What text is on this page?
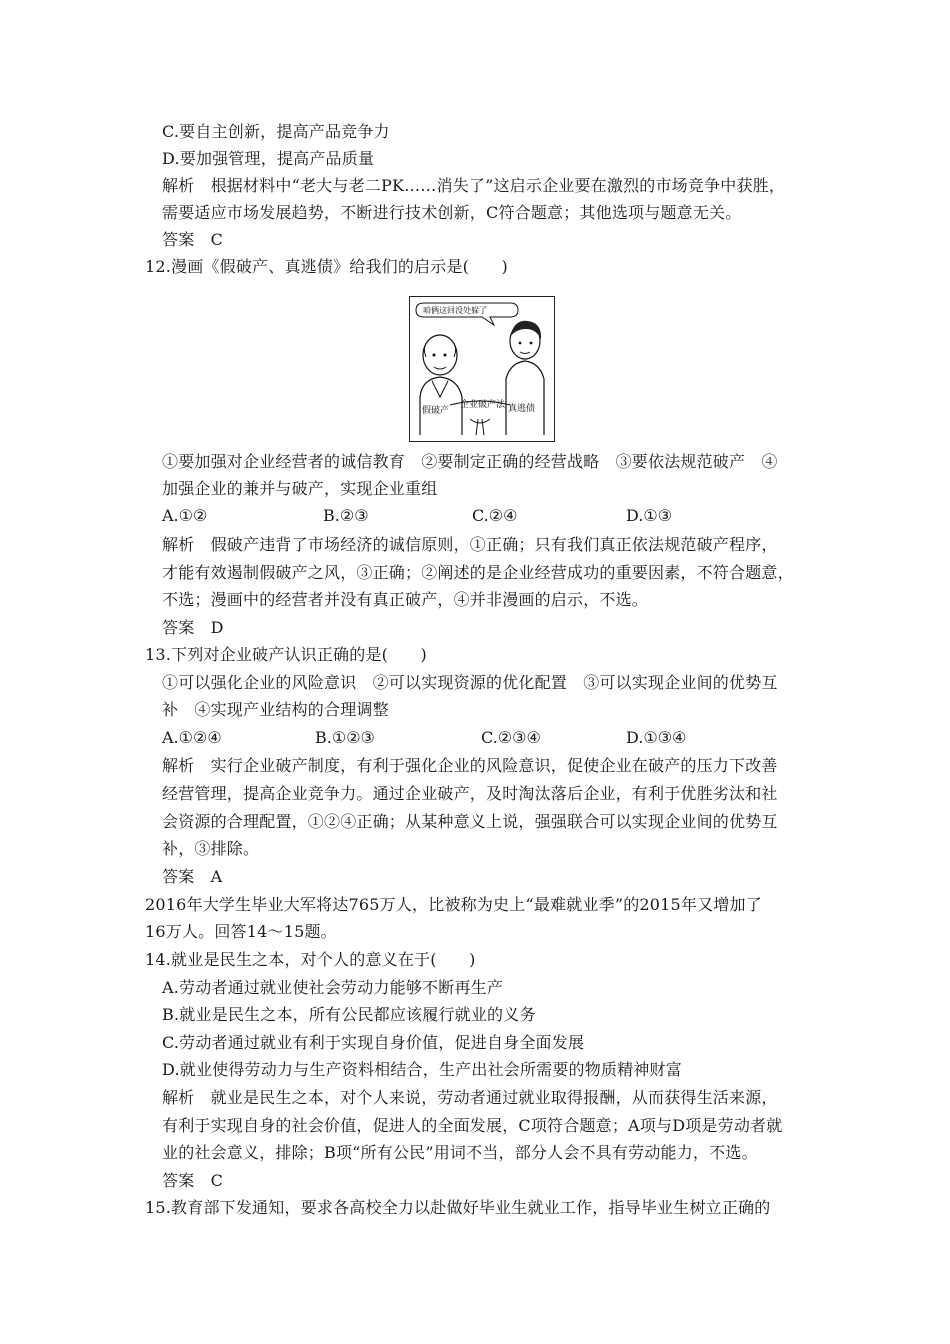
C.要自主创新，提高产品竞争力
D.要加强管理，提高产品质量
解析　根据材料中“老大与老二PK……消失了”这启示企业要在激烈的市场竞争中获胜，
需要适应市场发展趋势，不断进行技术创新，C符合题意；其他选项与题意无关。
答案　C
12.漫画《假破产、真逃债》给我们的启示是(　　)
咱俩这回没处躲了
假破产
企业破产法 真逃债
①要加强对企业经营者的诚信教育　②要制定正确的经营战略　③要依法规范破产　④
加强企业的兼并与破产，实现企业重组
A.①②	B.②③	C.②④	D.①③
解析　假破产违背了市场经济的诚信原则，①正确；只有我们真正依法规范破产程序，
才能有效遏制假破产之风，③正确；②阐述的是企业经营成功的重要因素，不符合题意，
不选；漫画中的经营者并没有真正破产，④并非漫画的启示，不选。
答案　D
13.下列对企业破产认识正确的是(　　)
①可以强化企业的风险意识　②可以实现资源的优化配置　③可以实现企业间的优势互
补　④实现产业结构的合理调整
A.①②④	B.①②③	C.②③④	D.①③④
解析　实行企业破产制度，有利于强化企业的风险意识，促使企业在破产的压力下改善
经营管理，提高企业竞争力。通过企业破产，及时淘汰落后企业，有利于优胜劣汰和社
会资源的合理配置，①②④正确；从某种意义上说，强强联合可以实现企业间的优势互
补，③排除。
答案　A
2016年大学生毕业大军将达765万人，比被称为史上“最难就业季”的2015年又增加了
16万人。回答14～15题。
14.就业是民生之本，对个人的意义在于(　　)
A.劳动者通过就业使社会劳动力能够不断再生产
B.就业是民生之本，所有公民都应该履行就业的义务
C.劳动者通过就业有利于实现自身价值，促进自身全面发展
D.就业使得劳动力与生产资料相结合，生产出社会所需要的物质精神财富
解析　就业是民生之本，对个人来说，劳动者通过就业取得报酬，从而获得生活来源，
有利于实现自身的社会价值，促进人的全面发展，C项符合题意；A项与D项是劳动者就
业的社会意义，排除；B项“所有公民”用词不当，部分人会不具有劳动能力，不选。
答案　C
15.教育部下发通知，要求各高校全力以赴做好毕业生就业工作，指导毕业生树立正确的
